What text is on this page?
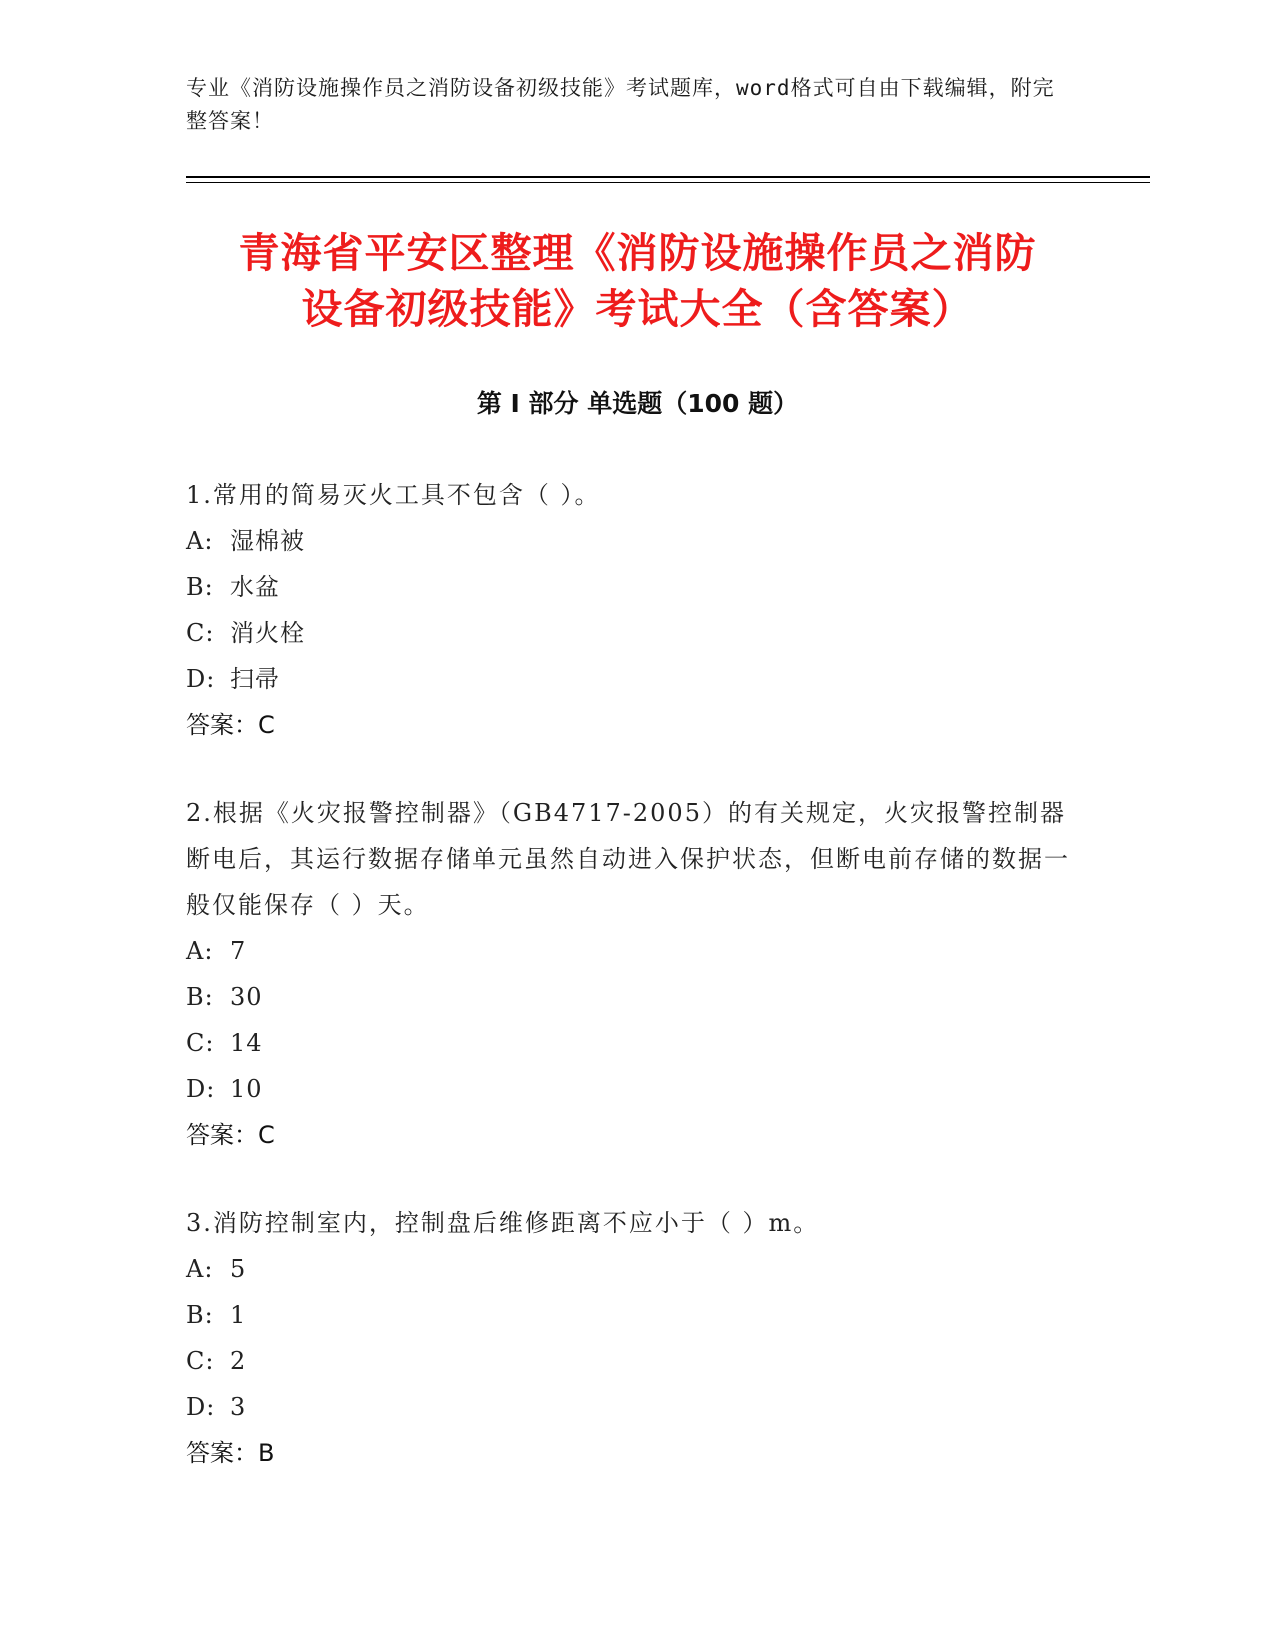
专业《消防设施操作员之消防设备初级技能》考试题库，word格式可自由下载编辑，附完整答案！
青海省平安区整理《消防设施操作员之消防
设备初级技能》考试大全（含答案）
第 I 部分 单选题（100 题）
1.常用的简易灭火工具不包含（ ）。
A: 湿棉被
B: 水盆
C: 消火栓
D: 扫帚
答案：C
2.根据《火灾报警控制器》（GB4717-2005）的有关规定，火灾报警控制器断电后，其运行数据存储单元虽然自动进入保护状态，但断电前存储的数据一般仅能保存（ ）天。
A: 7
B: 30
C: 14
D: 10
答案：C
3.消防控制室内，控制盘后维修距离不应小于（ ）m。
A: 5
B: 1
C: 2
D: 3
答案：B
